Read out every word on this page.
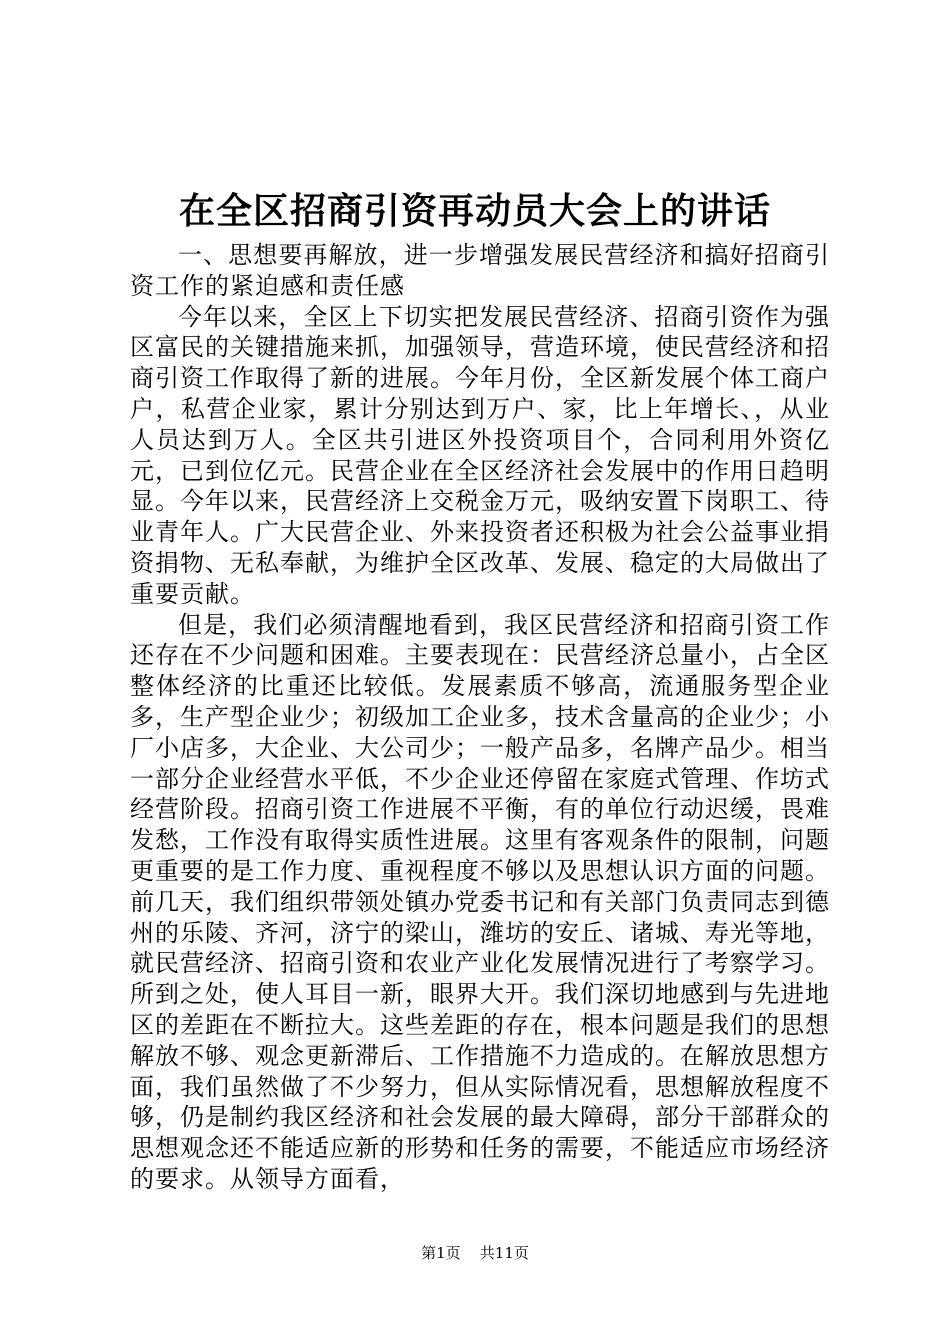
在全区招商引资再动员大会上的讲话

一、思想要再解放，进一步增强发展民营经济和搞好招商引资工作的紧迫感和责任感

今年以来，全区上下切实把发展民营经济、招商引资作为强区富民的关键措施来抓，加强领导，营造环境，使民营经济和招商引资工作取得了新的进展。今年月份，全区新发展个体工商户户，私营企业家，累计分别达到万户、家，比上年增长、，从业人员达到万人。全区共引进区外投资项目个，合同利用外资亿元，已到位亿元。民营企业在全区经济社会发展中的作用日趋明显。今年以来，民营经济上交税金万元，吸纳安置下岗职工、待业青年人。广大民营企业、外来投资者还积极为社会公益事业捐资捐物、无私奉献，为维护全区改革、发展、稳定的大局做出了重要贡献。

但是，我们必须清醒地看到，我区民营经济和招商引资工作还存在不少问题和困难。主要表现在：民营经济总量小，占全区整体经济的比重还比较低。发展素质不够高，流通服务型企业多，生产型企业少；初级加工企业多，技术含量高的企业少；小厂小店多，大企业、大公司少；一般产品多，名牌产品少。相当一部分企业经营水平低，不少企业还停留在家庭式管理、作坊式经营阶段。招商引资工作进展不平衡，有的单位行动迟缓，畏难发愁，工作没有取得实质性进展。这里有客观条件的限制，问题更重要的是工作力度、重视程度不够以及思想认识方面的问题。前几天，我们组织带领处镇办党委书记和有关部门负责同志到德州的乐陵、齐河，济宁的梁山，潍坊的安丘、诸城、寿光等地，就民营经济、招商引资和农业产业化发展情况进行了考察学习。所到之处，使人耳目一新，眼界大开。我们深切地感到与先进地区的差距在不断拉大。这些差距的存在，根本问题是我们的思想解放不够、观念更新滞后、工作措施不力造成的。在解放思想方面，我们虽然做了不少努力，但从实际情况看，思想解放程度不够，仍是制约我区经济和社会发展的最大障碍，部分干部群众的思想观念还不能适应新的形势和任务的需要，不能适应市场经济的要求。从领导方面看，

第1页 共11页
